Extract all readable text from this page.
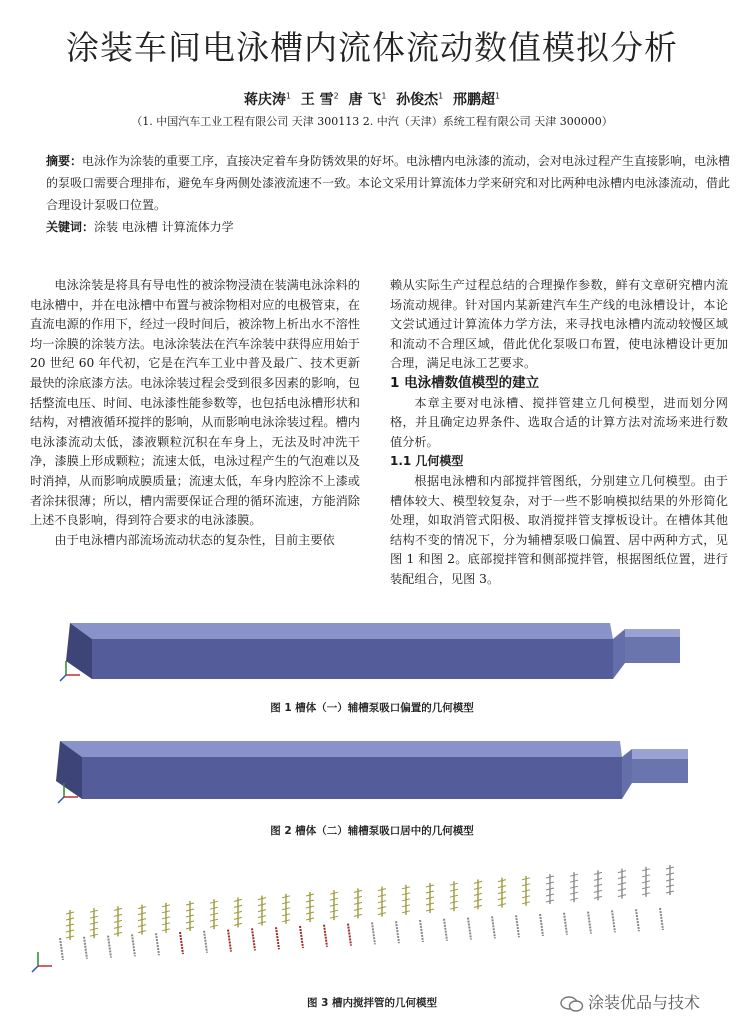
涂装车间电泳槽内流体流动数值模拟分析
蒋庆涛$^1$ 王 雪$^2$ 唐 飞$^1$ 孙俊杰$^1$ 邢鹏超$^1$
（1. 中国汽车工业工程有限公司 天津 300113 2. 中汽（天津）系统工程有限公司 天津 300000）
摘要：电泳作为涂装的重要工序，直接决定着车身防锈效果的好坏。电泳槽内电泳漆的流动，会对电泳过程产生直接影响，电泳槽的泵吸口需要合理排布，避免车身两侧处漆液流速不一致。本论文采用计算流体力学来研究和对比两种电泳槽内电泳漆流动，借此合理设计泵吸口位置。
关键词：涂装 电泳槽 计算流体力学

电泳涂装是将具有导电性的被涂物浸渍在装满电泳涂料的电泳槽中，并在电泳槽中布置与被涂物相对应的电极管束，在直流电源的作用下，经过一段时间后，被涂物上析出水不溶性均一涂膜的涂装方法。电泳涂装法在汽车涂装中获得应用始于 20 世纪 60 年代初，它是在汽车工业中普及最广、技术更新最快的涂底漆方法。电泳涂装过程会受到很多因素的影响，包括整流电压、时间、电泳漆性能参数等，也包括电泳槽形状和结构，对槽液循环搅拌的影响，从而影响电泳涂装过程。槽内电泳漆流动太低，漆液颗粒沉积在车身上，无法及时冲洗干净，漆膜上形成颗粒；流速太低，电泳过程产生的气泡难以及时消掉，从而影响成膜质量；流速太低，车身内腔涂不上漆或者涂抹很薄；所以，槽内需要保证合理的循环流速，方能消除上述不良影响，得到符合要求的电泳漆膜。

由于电泳槽内部流场流动状态的复杂性，目前主要依

赖从实际生产过程总结的合理操作参数，鲜有文章研究槽内流场流动规律。针对国内某新建汽车生产线的电泳槽设计，本论文尝试通过计算流体力学方法，来寻找电泳槽内流动较慢区域和流动不合理区域，借此优化泵吸口布置，使电泳槽设计更加合理，满足电泳工艺要求。

1 电泳槽数值模型的建立

本章主要对电泳槽、搅拌管建立几何模型，进而划分网格，并且确定边界条件、选取合适的计算方法对流场来进行数值分析。

1.1 几何模型

根据电泳槽和内部搅拌管图纸，分别建立几何模型。由于槽体较大、模型较复杂，对于一些不影响模拟结果的外形简化处理，如取消管式阳极、取消搅拌管支撑板设计。在槽体其他结构不变的情况下，分为辅槽泵吸口偏置、居中两种方式，见图 1 和图 2。底部搅拌管和侧部搅拌管，根据图纸位置，进行装配组合，见图 3。

图 1 槽体（一）辅槽泵吸口偏置的几何模型
图 2 槽体（二）辅槽泵吸口居中的几何模型
图 3 槽内搅拌管的几何模型	涂装优品与技术
